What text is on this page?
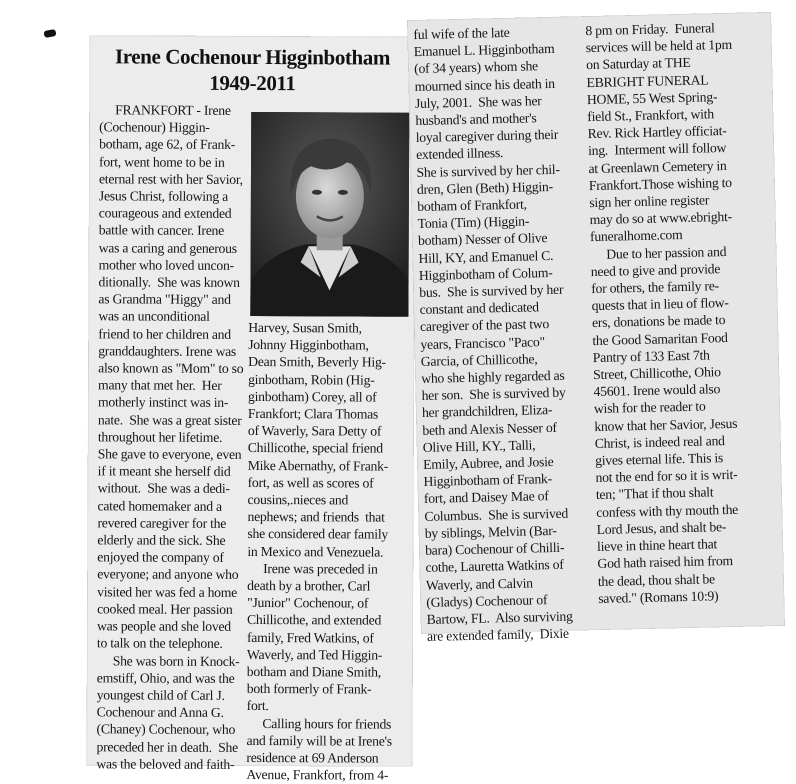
Irene Cochenour Higginbotham
1949-2011
FRANKFORT - Irene
(Cochenour) Higgin-
botham, age 62, of Frank-
fort, went home to be in
eternal rest with her Savior,
Jesus Christ, following a
courageous and extended
battle with cancer. Irene
was a caring and generous
mother who loved uncon-
ditionally.  She was known
as Grandma "Higgy" and
was an unconditional
friend to her children and
granddaughters. Irene was
also known as "Mom" to so
many that met her.  Her
motherly instinct was in-
nate.  She was a great sister
throughout her lifetime.
She gave to everyone, even
if it meant she herself did
without.  She was a dedi-
cated homemaker and a
revered caregiver for the
elderly and the sick. She
enjoyed the company of
everyone; and anyone who
visited her was fed a home
cooked meal. Her passion
was people and she loved
to talk on the telephone.
She was born in Knock-
emstiff, Ohio, and was the
youngest child of Carl J.
Cochenour and Anna G.
(Chaney) Cochenour, who
preceded her in death.  She
was the beloved and faith-
Harvey, Susan Smith,
Johnny Higginbotham,
Dean Smith, Beverly Hig-
ginbotham, Robin (Hig-
ginbotham) Corey, all of
Frankfort; Clara Thomas
of Waverly, Sara Detty of
Chillicothe, special friend
Mike Abernathy, of Frank-
fort, as well as scores of
cousins,.nieces and
nephews; and friends  that
she considered dear family
in Mexico and Venezuela.
Irene was preceded in
death by a brother, Carl
"Junior" Cochenour, of
Chillicothe, and extended
family, Fred Watkins, of
Waverly, and Ted Higgin-
botham and Diane Smith,
both formerly of Frank-
fort.
Calling hours for friends
and family will be at Irene's
residence at 69 Anderson
Avenue, Frankfort, from 4-
ful wife of the late
Emanuel L. Higginbotham
(of 34 years) whom she
mourned since his death in
July, 2001.  She was her
husband's and mother's
loyal caregiver during their
extended illness.
She is survived by her chil-
dren, Glen (Beth) Higgin-
botham of Frankfort,
Tonia (Tim) (Higgin-
botham) Nesser of Olive
Hill, KY, and Emanuel C.
Higginbotham of Colum-
bus.  She is survived by her
constant and dedicated
caregiver of the past two
years, Francisco "Paco"
Garcia, of Chillicothe,
who she highly regarded as
her son.  She is survived by
her grandchildren, Eliza-
beth and Alexis Nesser of
Olive Hill, KY., Talli,
Emily, Aubree, and Josie
Higginbotham of Frank-
fort, and Daisey Mae of
Columbus.  She is survived
by siblings, Melvin (Bar-
bara) Cochenour of Chilli-
cothe, Lauretta Watkins of
Waverly, and Calvin
(Gladys) Cochenour of
Bartow, FL.  Also surviving
are extended family,  Dixie
8 pm on Friday.  Funeral
services will be held at 1pm
on Saturday at THE
EBRIGHT FUNERAL
HOME, 55 West Spring-
field St., Frankfort, with
Rev. Rick Hartley officiat-
ing.  Interment will follow
at Greenlawn Cemetery in
Frankfort.Those wishing to
sign her online register
may do so at www.ebright-
funeralhome.com
Due to her passion and
need to give and provide
for others, the family re-
quests that in lieu of flow-
ers, donations be made to
the Good Samaritan Food
Pantry of 133 East 7th
Street, Chillicothe, Ohio
45601. Irene would also
wish for the reader to
know that her Savior, Jesus
Christ, is indeed real and
gives eternal life. This is
not the end for so it is writ-
ten; "That if thou shalt
confess with thy mouth the
Lord Jesus, and shalt be-
lieve in thine heart that
God hath raised him from
the dead, thou shalt be
saved." (Romans 10:9)
